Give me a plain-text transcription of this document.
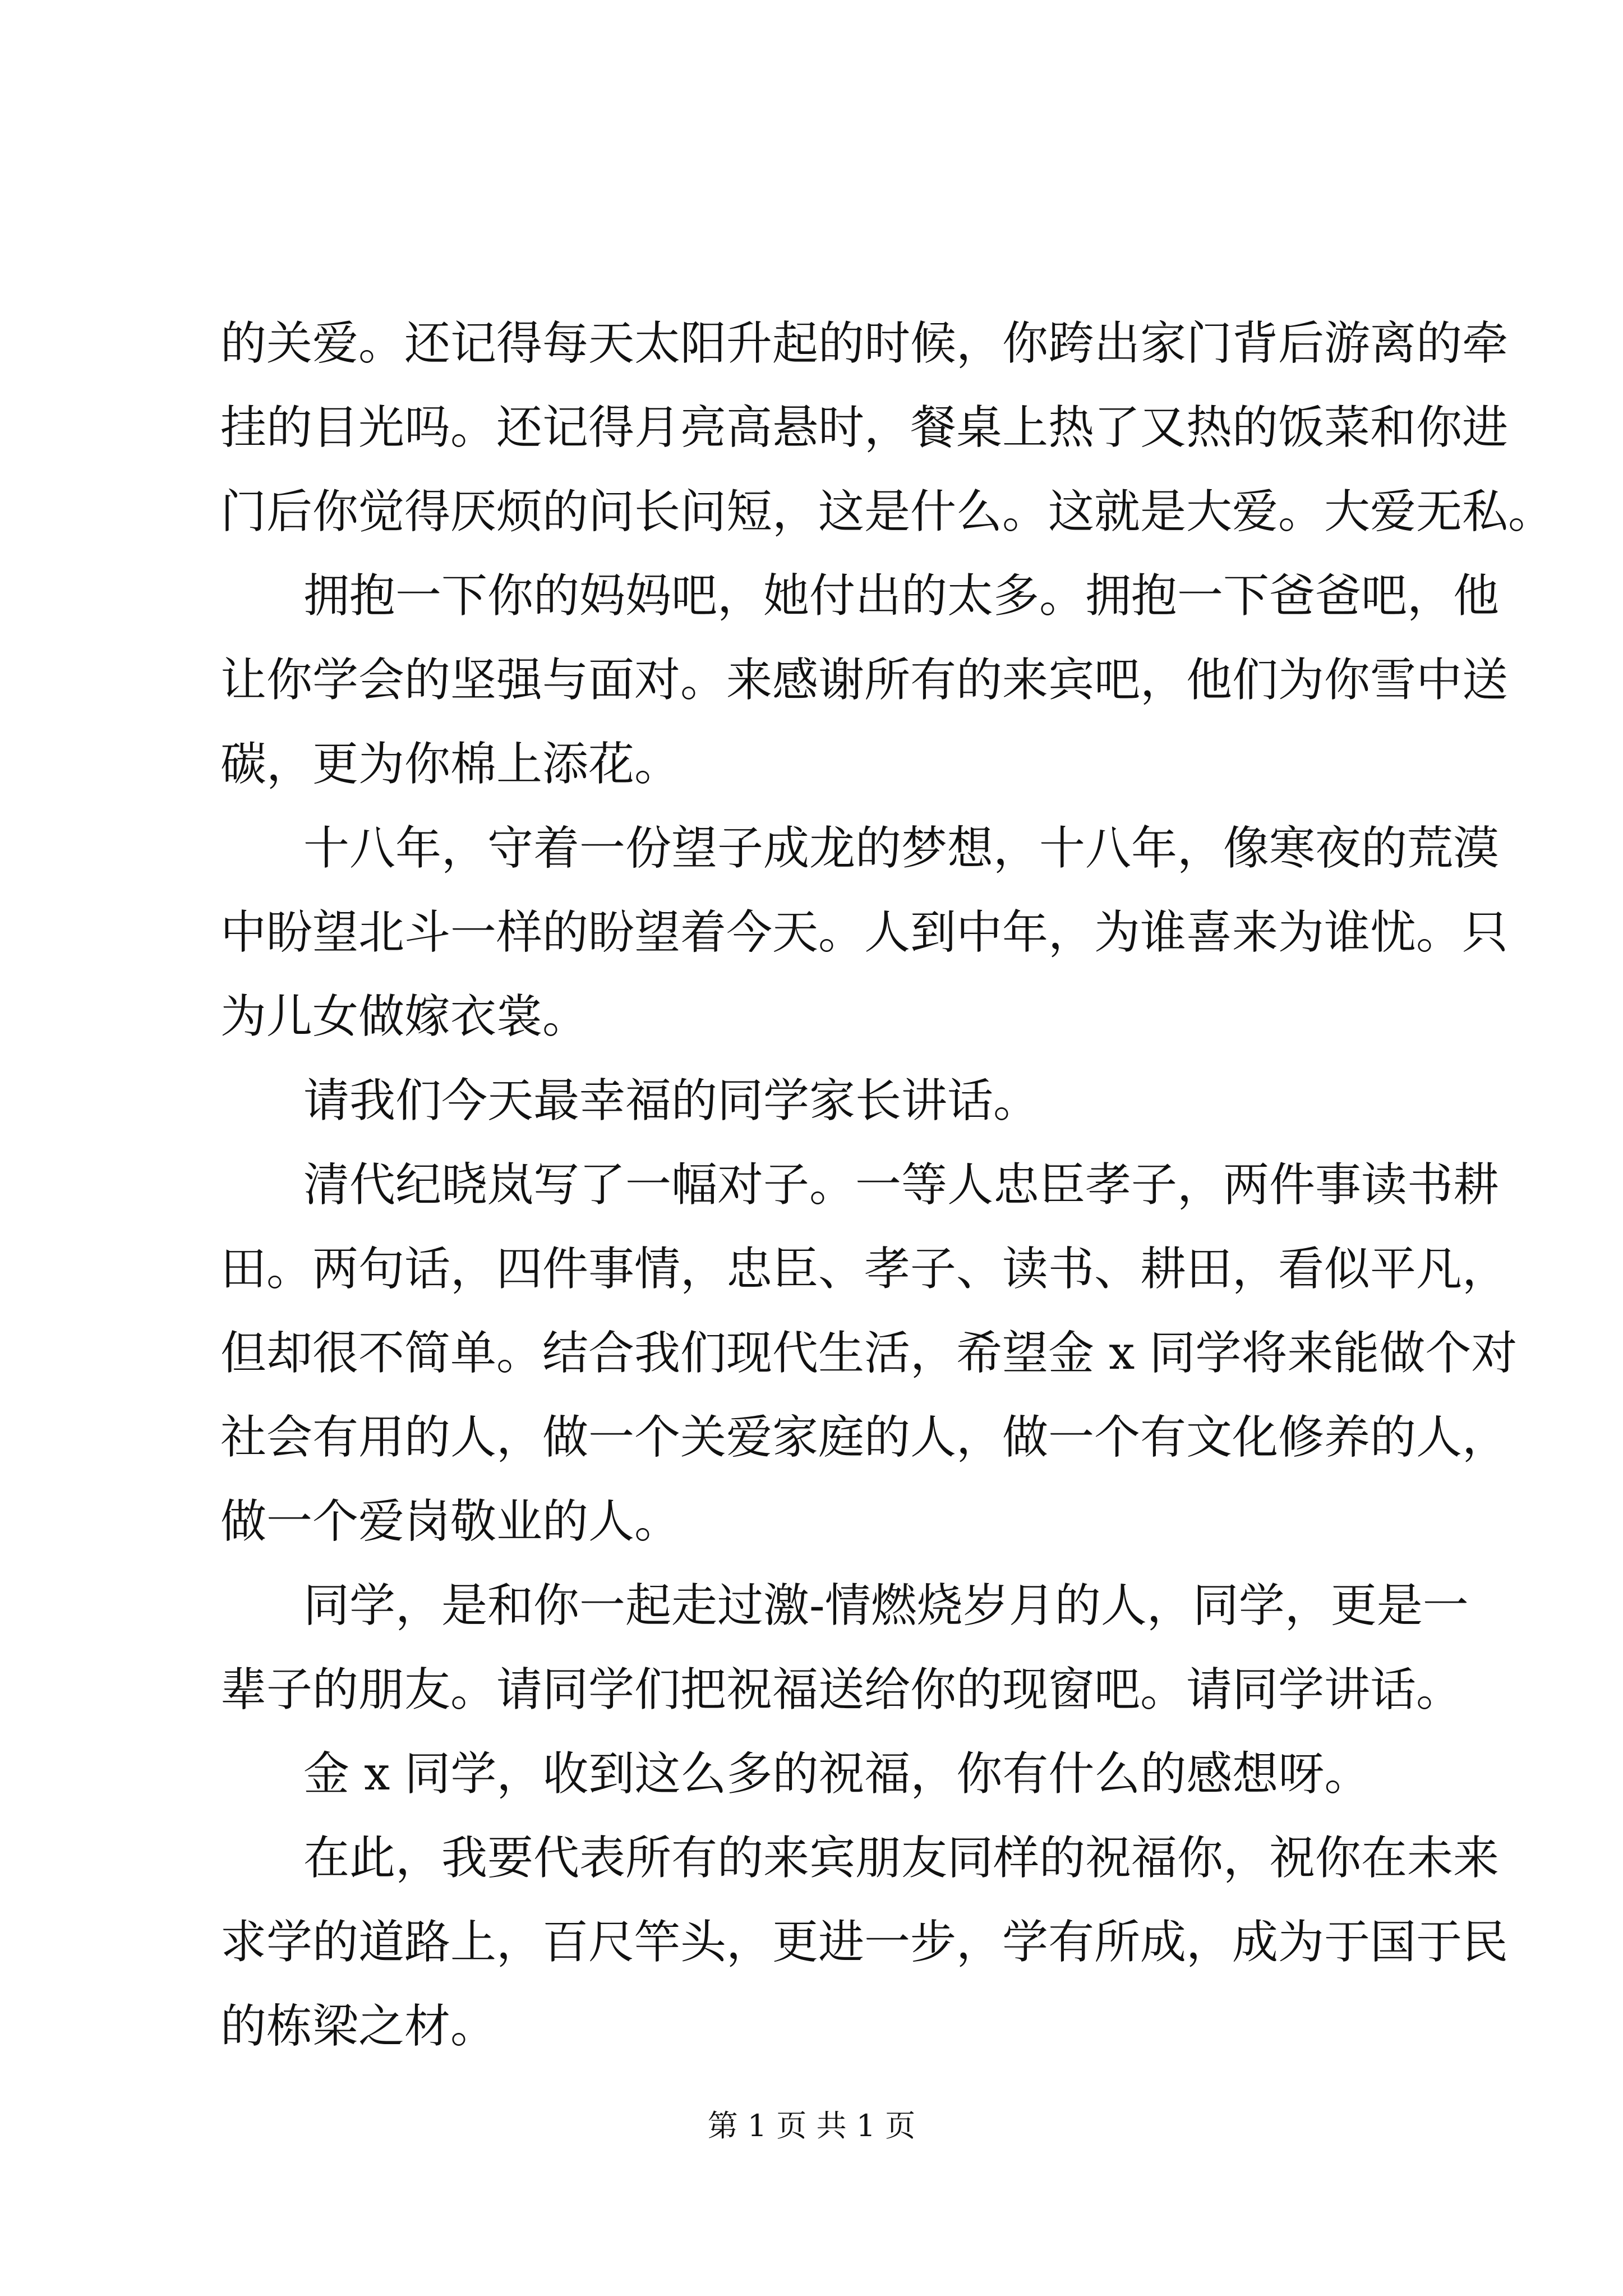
的关爱。还记得每天太阳升起的时候，你跨出家门背后游离的牵
挂的目光吗。还记得月亮高悬时，餐桌上热了又热的饭菜和你进
门后你觉得厌烦的问长问短，这是什么。这就是大爱。大爱无私。
拥抱一下你的妈妈吧，她付出的太多。拥抱一下爸爸吧，他
让你学会的坚强与面对。来感谢所有的来宾吧，他们为你雪中送
碳，更为你棉上添花。
十八年，守着一份望子成龙的梦想，十八年，像寒夜的荒漠
中盼望北斗一样的盼望着今天。人到中年，为谁喜来为谁忧。只
为儿女做嫁衣裳。
请我们今天最幸福的同学家长讲话。
清代纪晓岚写了一幅对子。一等人忠臣孝子，两件事读书耕
田。两句话，四件事情，忠臣、孝子、读书、耕田，看似平凡，
但却很不简单。结合我们现代生活，希望金 x 同学将来能做个对
社会有用的人，做一个关爱家庭的人，做一个有文化修养的人，
做一个爱岗敬业的人。
同学，是和你一起走过激-情燃烧岁月的人，同学，更是一
辈子的朋友。请同学们把祝福送给你的现窗吧。请同学讲话。
金 x 同学，收到这么多的祝福，你有什么的感想呀。
在此，我要代表所有的来宾朋友同样的祝福你，祝你在未来
求学的道路上，百尺竿头，更进一步，学有所成，成为于国于民
的栋梁之材。
第 1 页 共 1 页
